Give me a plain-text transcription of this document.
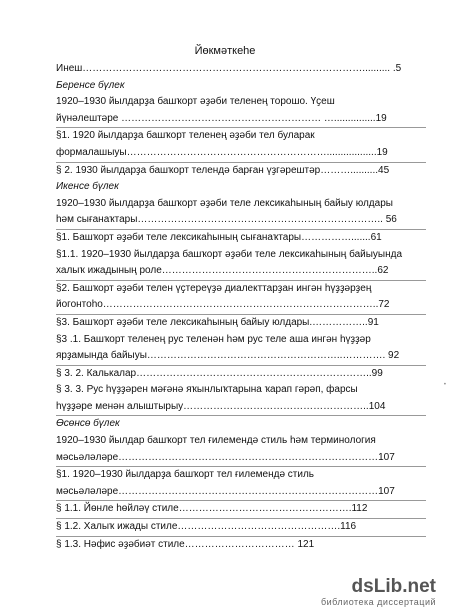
Йөкмәткеһе
Инеш………………………………………………………………………….......... .5
Беренсе бүлек
1920–1930 йылдарҙа башҡорт әҙәби теленең торошо. Үҫеш
йүнәлештәре …………………………………………………… …...............19
§1. 1920 йылдарҙа башҡорт теленең әҙәби тел буларак
формалашыуы……………………………………………………..................19
§ 2. 1930 йылдарҙа башҡорт телендә барған үҙгәрештәр………..........45
Икенсе бүлек
1920–1930 йылдарҙа башҡорт әҙәби теле лексикаһының байыу юлдары
һәм сығанаҡтары……………………………………………………………….. 56
§1. Башҡорт әҙәби теле лексикаһының сығанаҡтары…………….......61
§1.1. 1920–1930 йылдарҙа башҡорт әҙәби теле лексикаһының байыуында
халыҡ ижадының роле………………………………………………………..62
§2. Башҡорт әҙәби телен үҫтереүҙә диалекттарҙан ингән һүҙҙәрҙең
йогонтоһо………………………………………………………………………..72
§3. Башҡорт әҙәби теле лексикаһының байыу юлдары.……………..91
§3 .1. Башҡорт теленең рус теленән һәм рус теле аша ингән һүҙҙәр
ярҙамында байыуы…………………………………………………..…………. 92
§ 3. 2. Калькалар……………………………………………………………..99
§ 3. 3. Рус һүҙҙәрен мәғәнә яҡынлыҡтарына ҡарап гәрәп, фарсы
һүҙҙәре менән алыштырыу………………………………………………..104
Өсөнсө бүлек
1920–1930 йылдар башҡорт тел ғилемендә стиль һәм терминология
мәсьәләләре……………………………………………………………………107
§1. 1920–1930 йылдарҙа башҡорт тел ғилемендә стиль
мәсьәләләре……………………………………………………………………107
§ 1.1. Йөнле һөйләү стиле…………………………………………….112
§ 1.2. Халыҡ ижады стиле………………………………………….116
§ 1.3. Нәфис әҙәбиәт стиле…………………………… 121
•
dsLib.net
библиотека диссертаций
